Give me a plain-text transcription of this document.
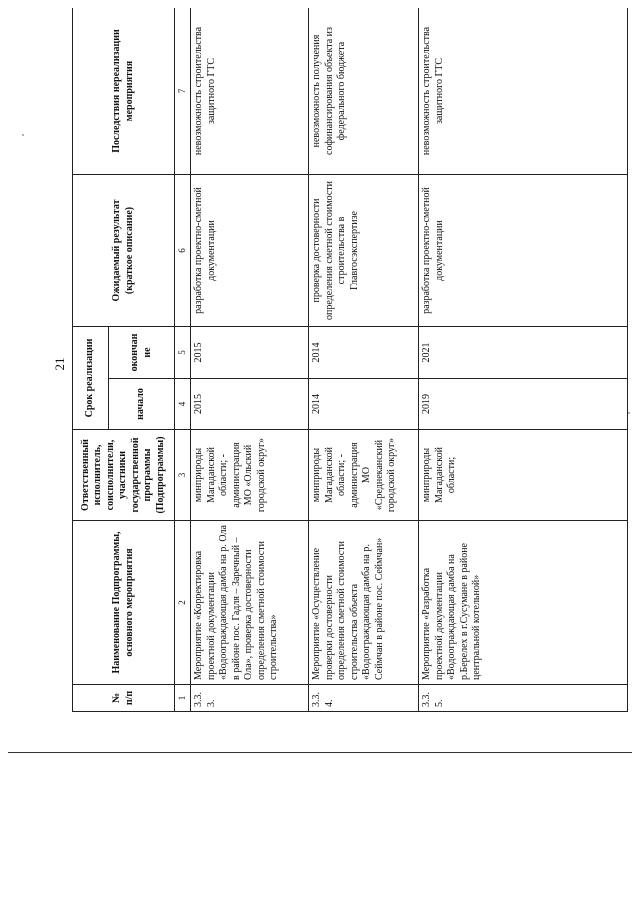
21
№ п/п	Наименование Подпрограммы, основного мероприятия	Ответственный исполнитель, соисполнители, участники государственной программы (Подпрограммы)	Срок реализации		Ожидаемый результат (краткое описание)	Последствия нереализации мероприятия
			начало	окончание		
1	2	3	4	5	6	7
3.3.3.	Мероприятие «Корректировка проектной документации «Водоограждающая дамба на р. Ола в районе пос. Гадля – Заречный – Ола», проверка достоверности определения сметной стоимости строительства»	минприроды Магаданской области; - администрация МО «Ольский городской округ»	2015	2015	разработка проектно-сметной документации	невозможность строительства защитного ГТС
3.3.4.	Мероприятие «Осуществление проверки достоверности определения сметной стоимости строительства объекта «Водоограждающая дамба на р. Сеймчан в районе пос. Сеймчан»	минприроды Магаданской области; - администрация МО «Среднеканский городской округ»	2014	2014	проверка достоверности определения сметной стоимости строительства в Главгосэкспертизе	невозможность получения софинансирования объекта из федерального бюджета
3.3.5.	Мероприятие «Разработка проектной документации «Водоограждающая дамба на р.Берелех в г.Сусумане в районе центральной котельной»	минприроды Магаданской области;	2019	2021	разработка проектно-сметной документации	невозможность строительства защитного ГТС
